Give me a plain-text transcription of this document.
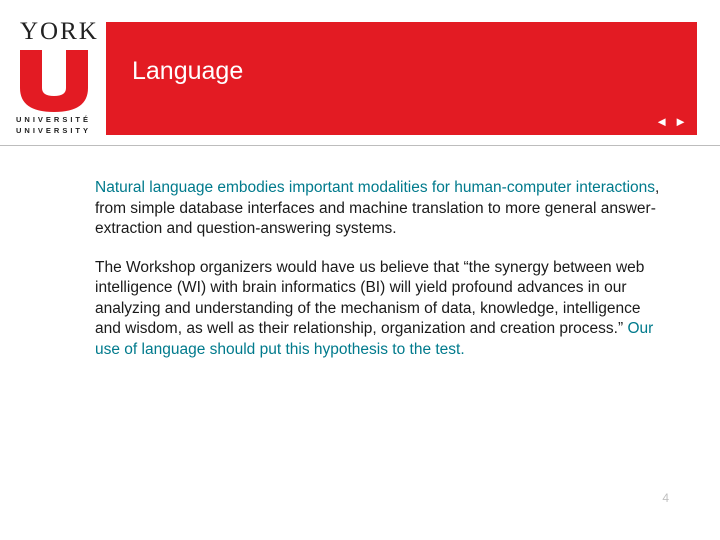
YORK
UNIVERSITÉ
UNIVERSITY
Language
◄ ►

Natural language embodies important modalities for human-computer interactions, from simple database interfaces and machine translation to more general answer-extraction and question-answering systems.

The Workshop organizers would have us believe that “the synergy between web intelligence (WI) with brain informatics (BI) will yield profound advances in our analyzing and understanding of the mechanism of data, knowledge, intelligence and wisdom, as well as their relationship, organization and creation process.” Our use of language should put this hypothesis to the test.

4
